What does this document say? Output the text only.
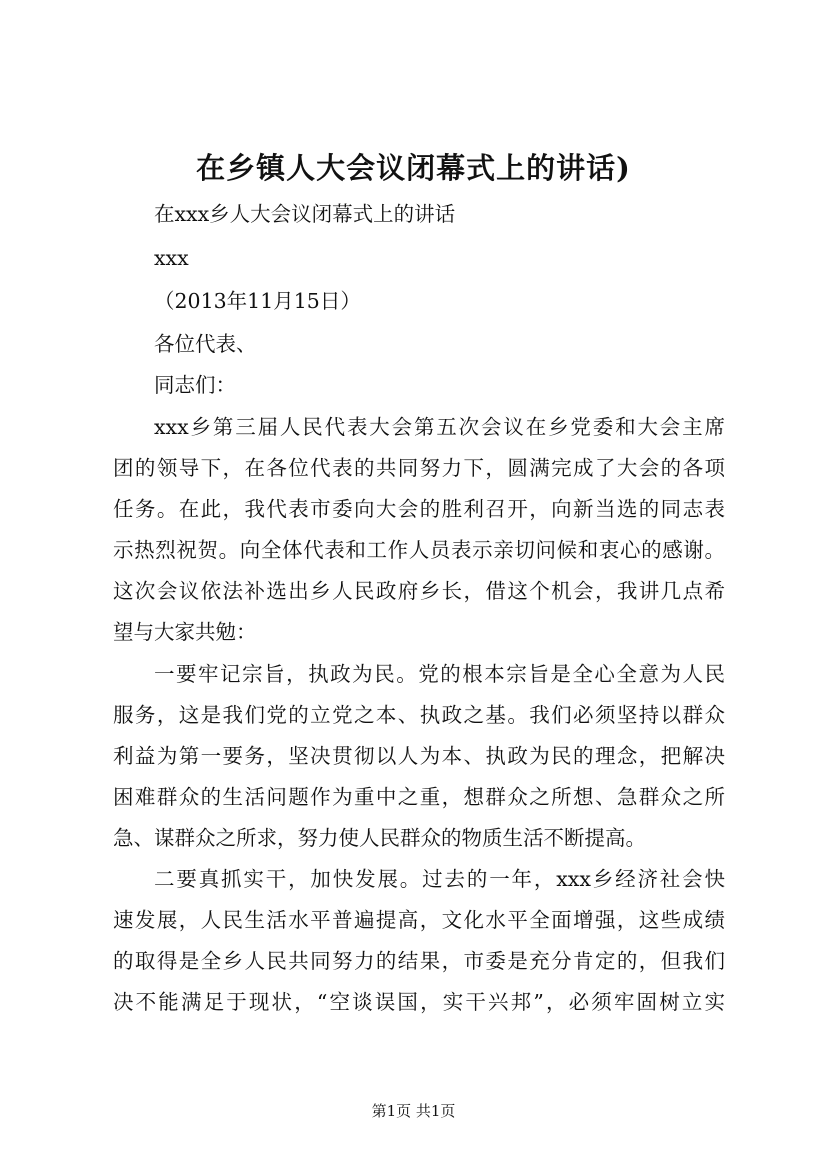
在乡镇人大会议闭幕式上的讲话)
在xxx乡人大会议闭幕式上的讲话
xxx
（2013年11月15日）
各位代表、
同志们：
xxx乡第三届人民代表大会第五次会议在乡党委和大会主席
团的领导下，在各位代表的共同努力下，圆满完成了大会的各项
任务。在此，我代表市委向大会的胜利召开，向新当选的同志表
示热烈祝贺。向全体代表和工作人员表示亲切问候和衷心的感谢。
这次会议依法补选出乡人民政府乡长，借这个机会，我讲几点希
望与大家共勉：
一要牢记宗旨，执政为民。党的根本宗旨是全心全意为人民
服务，这是我们党的立党之本、执政之基。我们必须坚持以群众
利益为第一要务，坚决贯彻以人为本、执政为民的理念，把解决
困难群众的生活问题作为重中之重，想群众之所想、急群众之所
急、谋群众之所求，努力使人民群众的物质生活不断提高。
二要真抓实干，加快发展。过去的一年，xxx乡经济社会快
速发展，人民生活水平普遍提高，文化水平全面增强，这些成绩
的取得是全乡人民共同努力的结果，市委是充分肯定的，但我们
决不能满足于现状，“空谈误国，实干兴邦”，必须牢固树立实
第1页 共1页
